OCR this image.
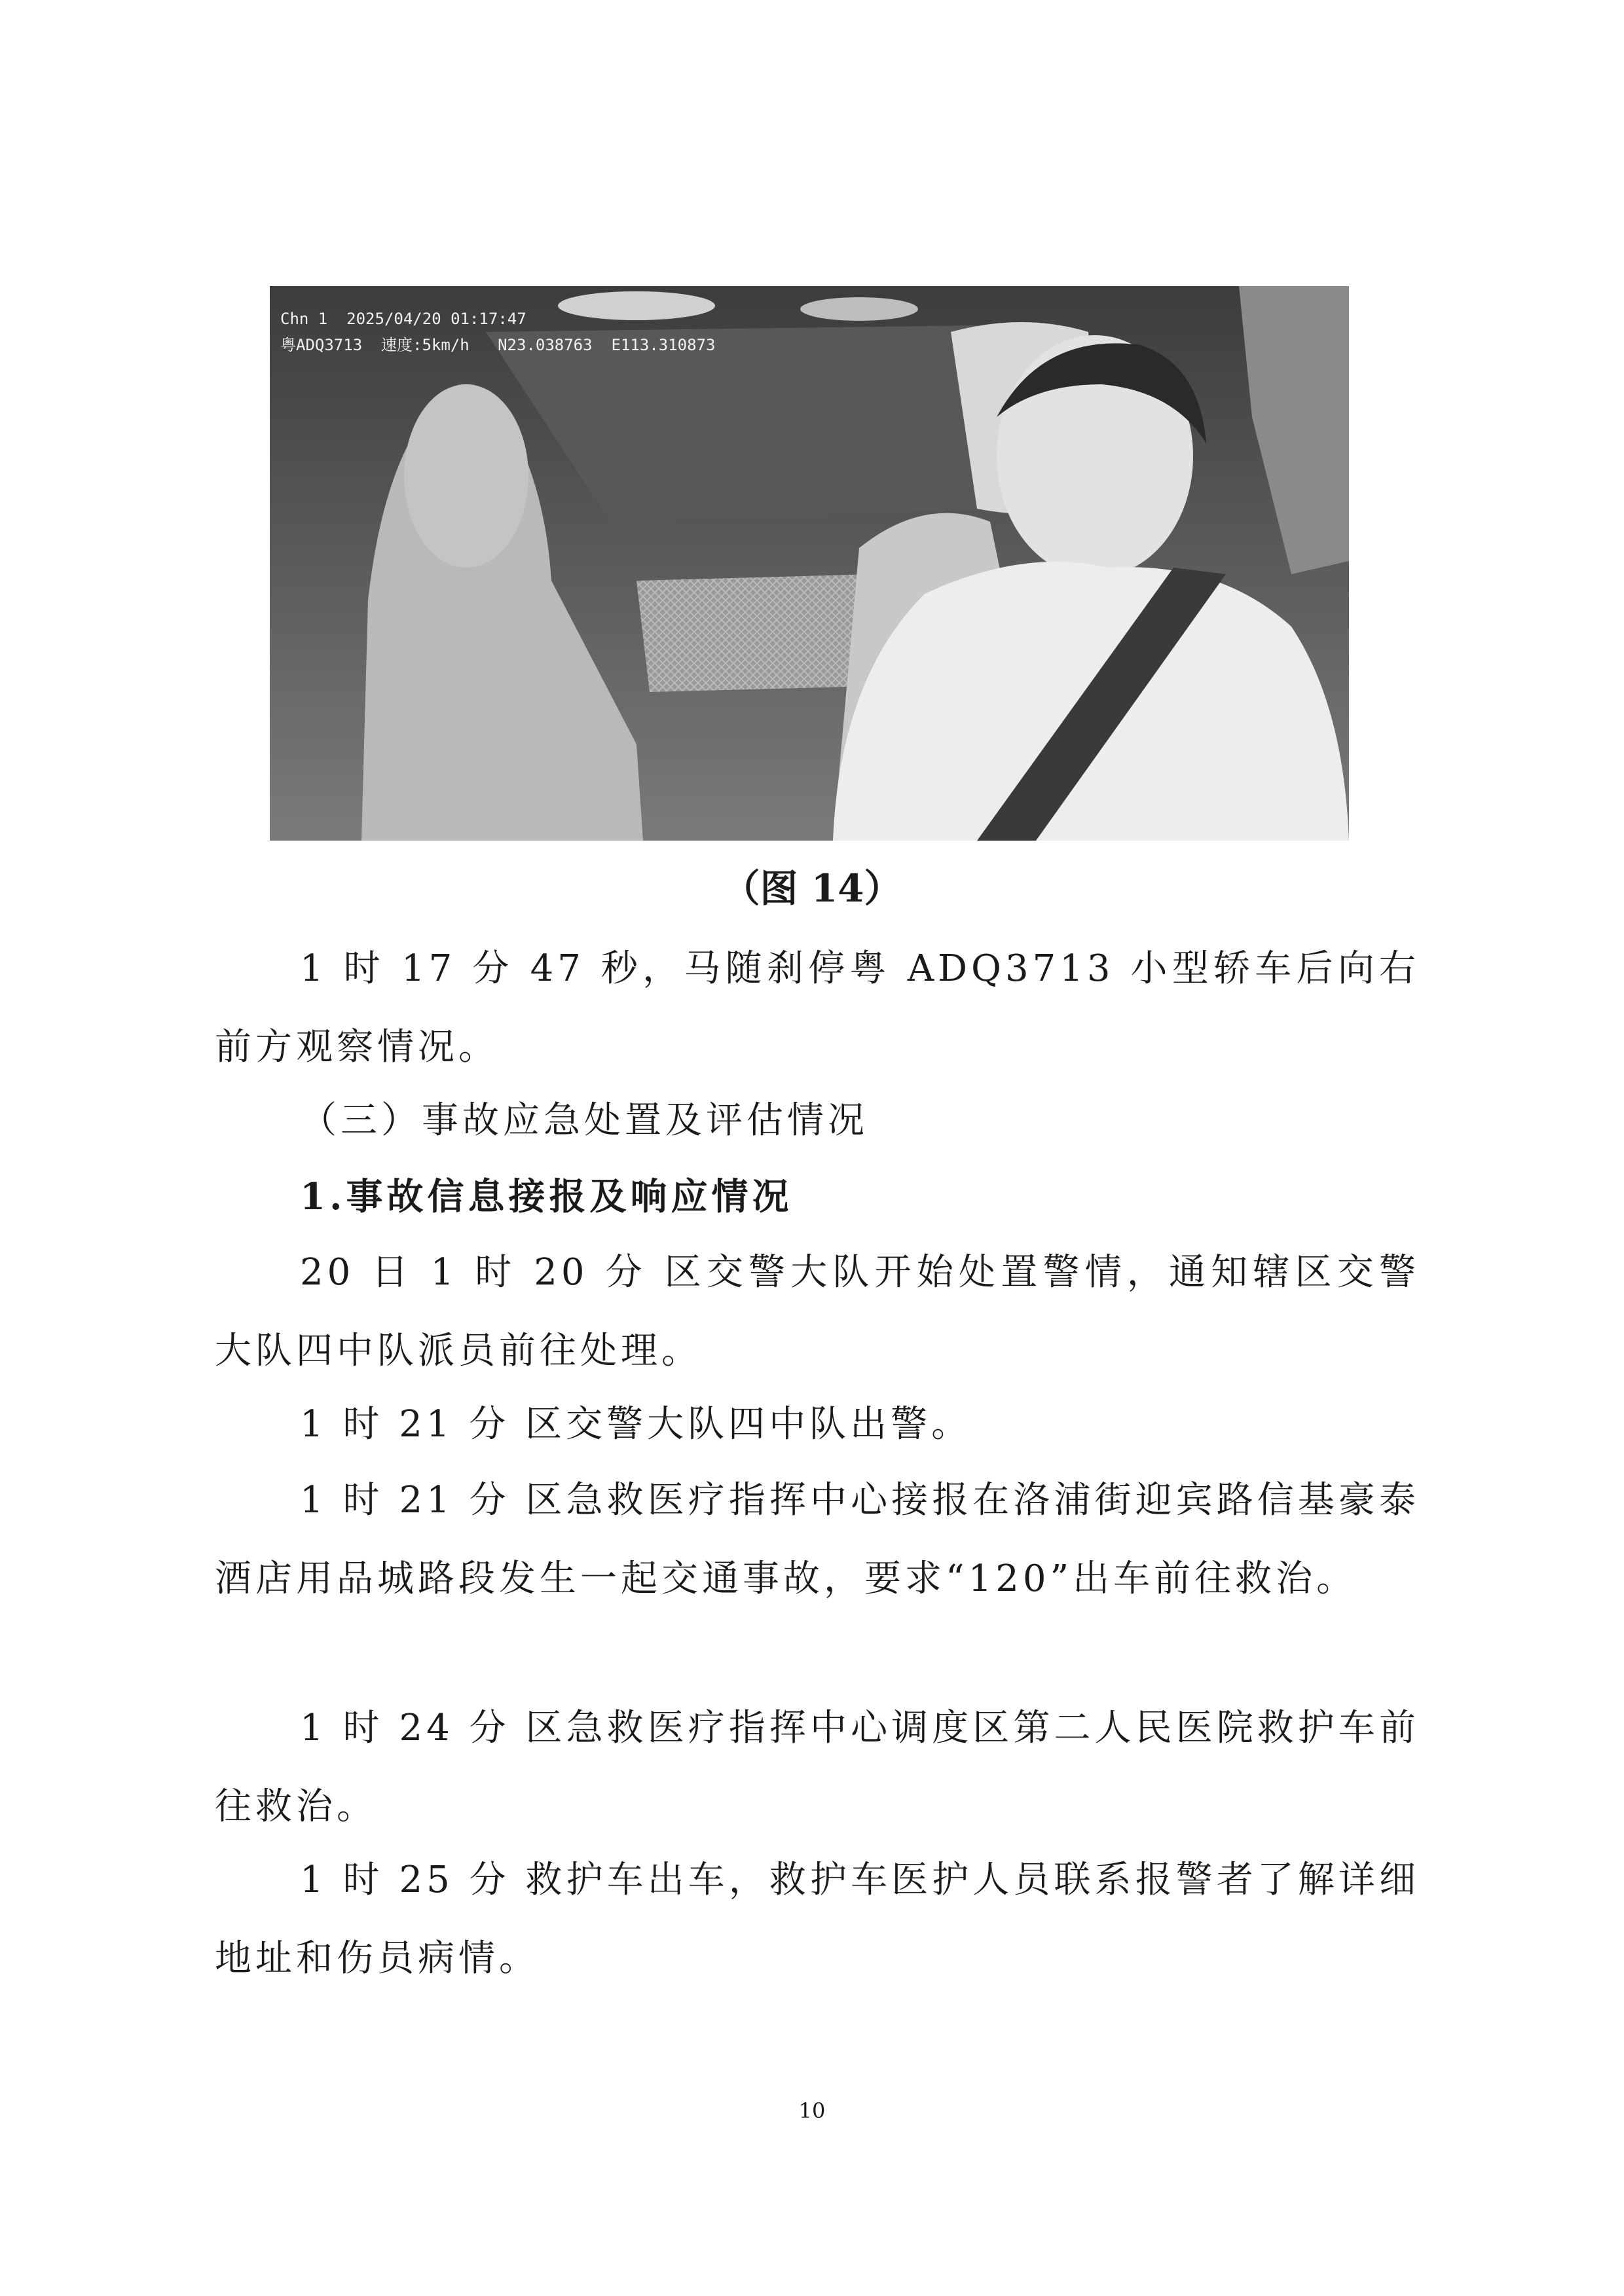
Chn 1  2025/04/20 01:17:47
粤ADQ3713  速度:5km/h   N23.038763  E113.310873
（图 14）

1 时 17 分 47 秒，马随刹停粤 ADQ3713 小型轿车后向右前方观察情况。

（三）事故应急处置及评估情况

1.事故信息接报及响应情况

20 日 1 时 20 分 区交警大队开始处置警情，通知辖区交警大队四中队派员前往处理。

1 时 21 分 区交警大队四中队出警。

1 时 21 分 区急救医疗指挥中心接报在洛浦街迎宾路信基豪泰酒店用品城路段发生一起交通事故，要求“120”出车前往救治。

1 时 24 分 区急救医疗指挥中心调度区第二人民医院救护车前往救治。

1 时 25 分 救护车出车，救护车医护人员联系报警者了解详细地址和伤员病情。

10
